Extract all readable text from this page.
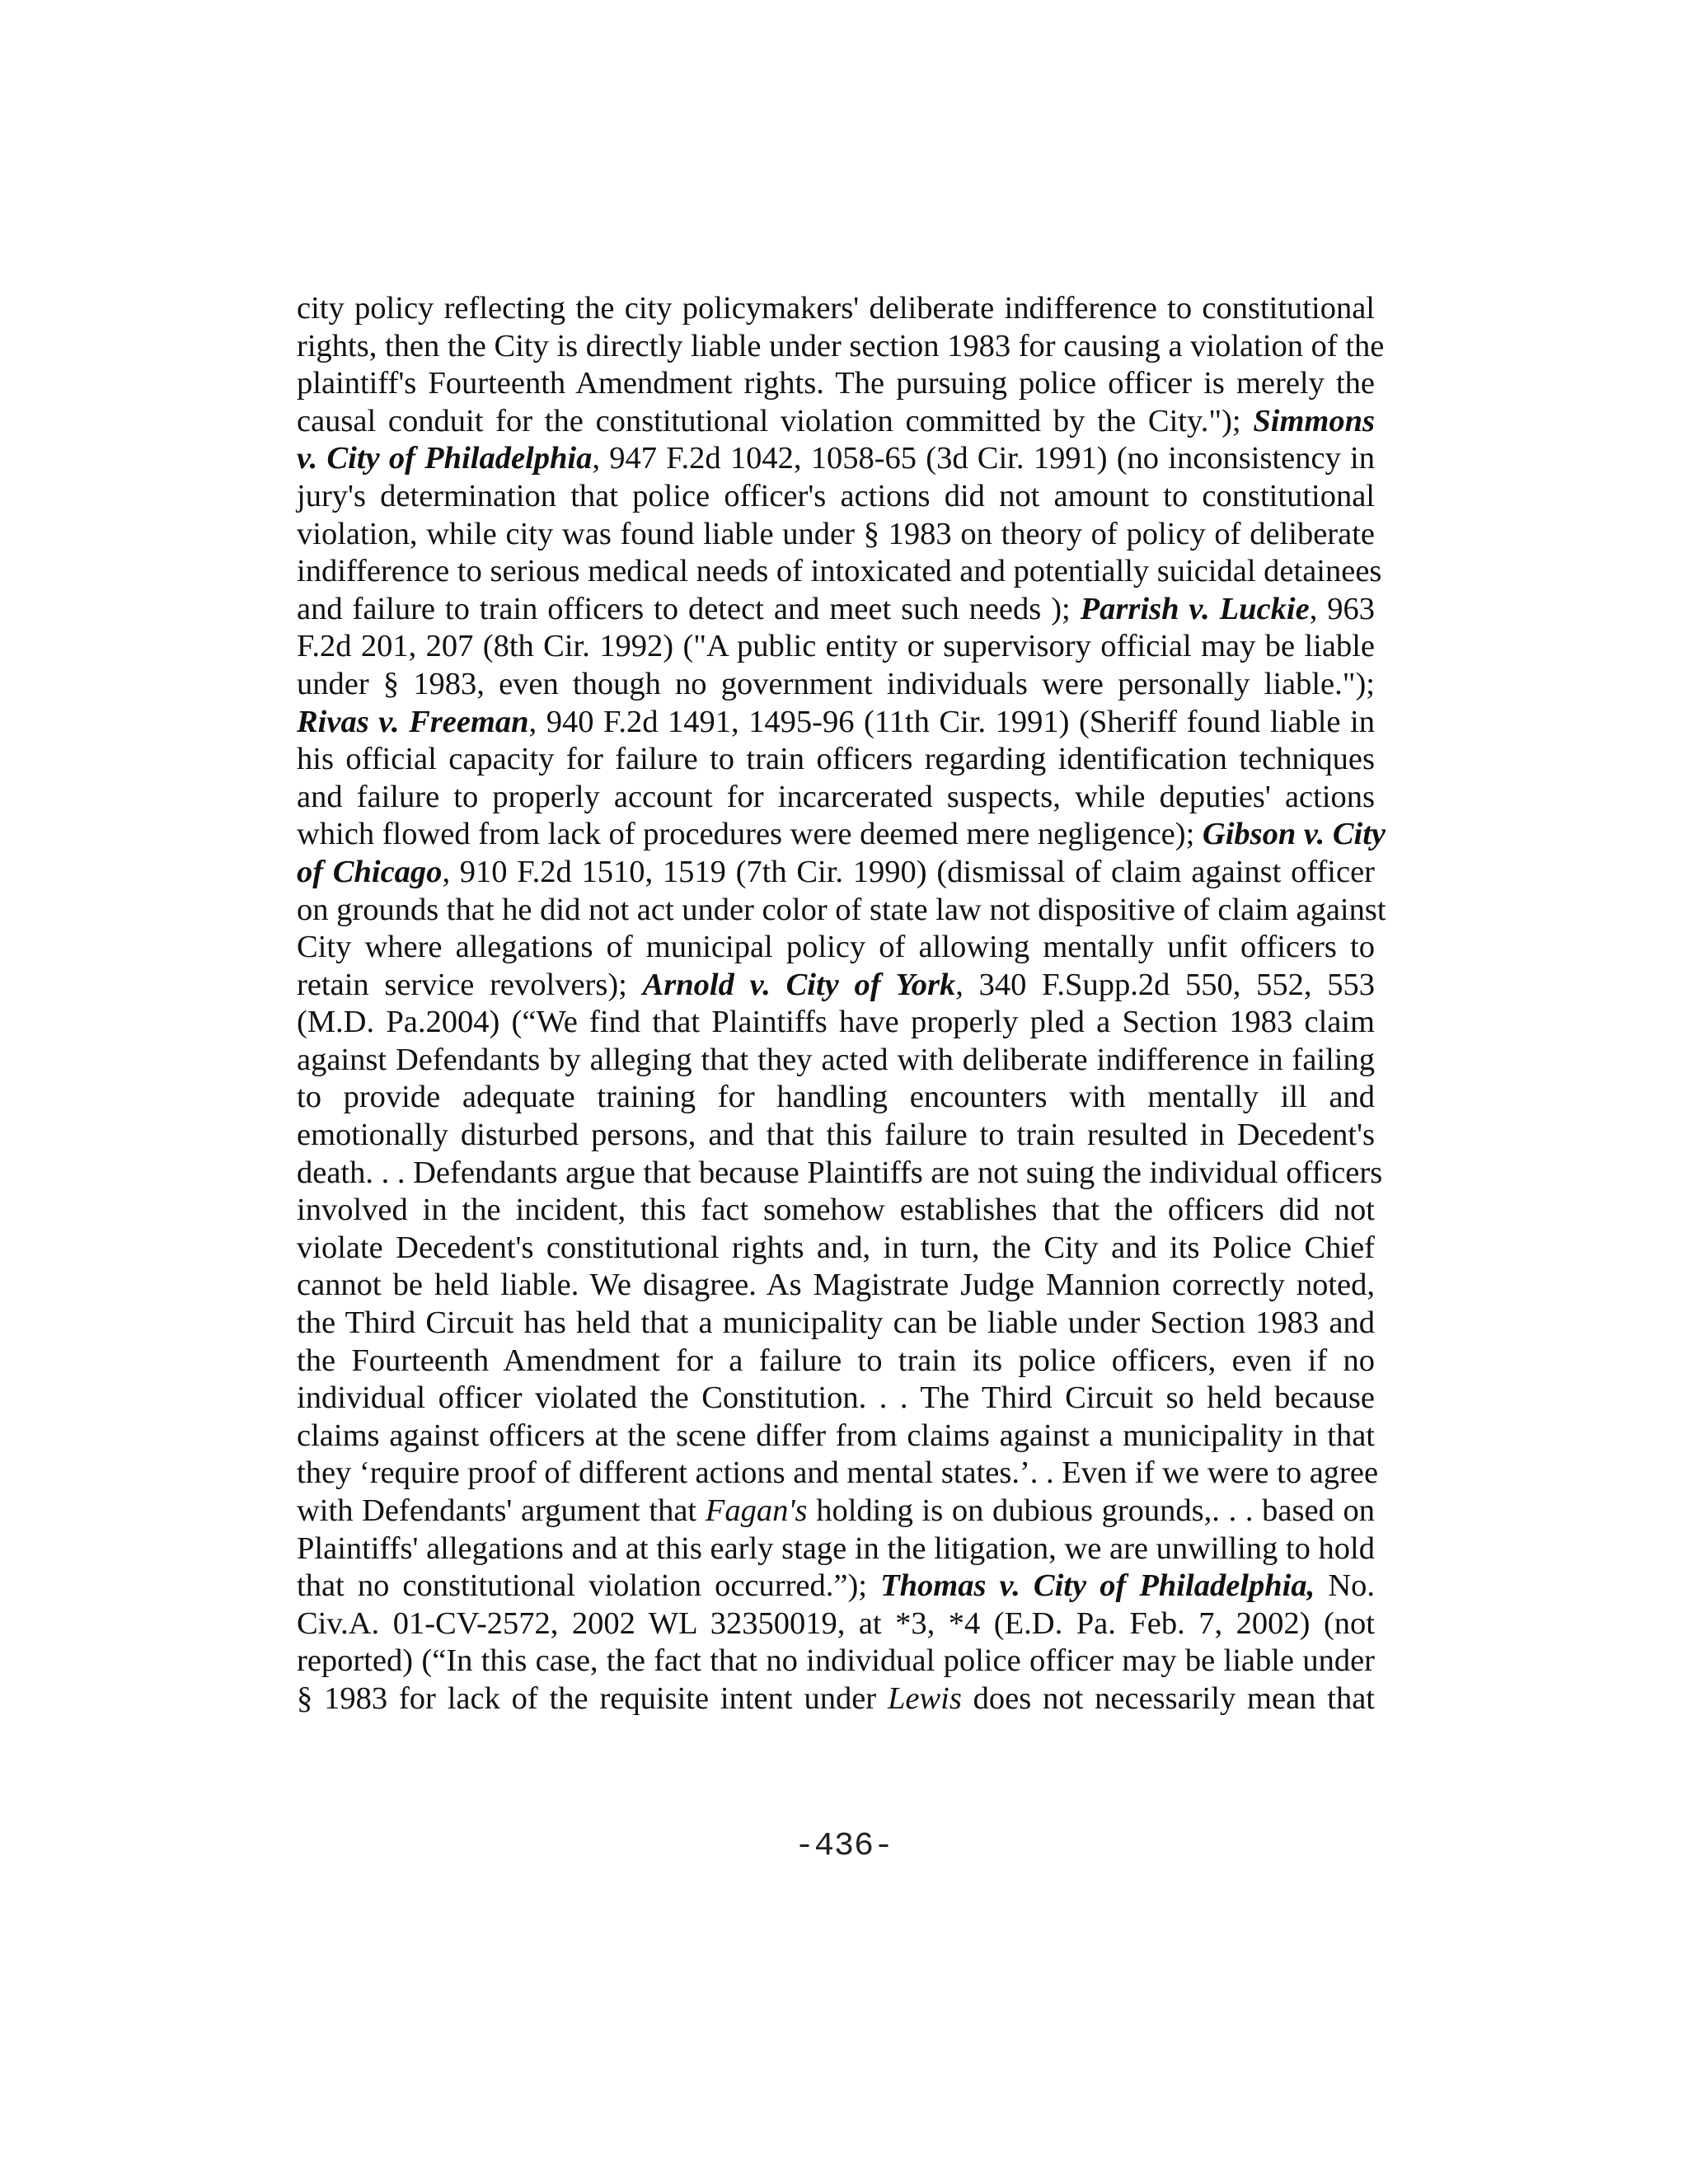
city policy reflecting the city policymakers' deliberate indifference to constitutional
rights, then the City is directly liable under section 1983 for causing a violation of the
plaintiff's Fourteenth Amendment rights. The pursuing police officer is merely the
causal conduit for the constitutional violation committed by the City."); Simmons
v. City of Philadelphia, 947 F.2d 1042, 1058-65 (3d Cir. 1991) (no inconsistency in
jury's determination that police officer's actions did not amount to constitutional
violation, while city was found liable under § 1983 on theory of policy of deliberate
indifference to serious medical needs of intoxicated and potentially suicidal detainees
and failure to train officers to detect and meet such needs ); Parrish v. Luckie, 963
F.2d 201, 207 (8th Cir. 1992) ("A public entity or supervisory official may be liable
under § 1983, even though no government individuals were personally liable.");
Rivas v. Freeman, 940 F.2d 1491, 1495-96 (11th Cir. 1991) (Sheriff found liable in
his official capacity for failure to train officers regarding identification techniques
and failure to properly account for incarcerated suspects, while deputies' actions
which flowed from lack of procedures were deemed mere negligence); Gibson v. City
of Chicago, 910 F.2d 1510, 1519 (7th Cir. 1990) (dismissal of claim against officer
on grounds that he did not act under color of state law not dispositive of claim against
City where allegations of municipal policy of allowing mentally unfit officers to
retain service revolvers); Arnold v. City of York, 340 F.Supp.2d 550, 552, 553
(M.D. Pa.2004) (“We find that Plaintiffs have properly pled a Section 1983 claim
against Defendants by alleging that they acted with deliberate indifference in failing
to provide adequate training for handling encounters with mentally ill and
emotionally disturbed persons, and that this failure to train resulted in Decedent's
death. . . Defendants argue that because Plaintiffs are not suing the individual officers
involved in the incident, this fact somehow establishes that the officers did not
violate Decedent's constitutional rights and, in turn, the City and its Police Chief
cannot be held liable. We disagree. As Magistrate Judge Mannion correctly noted,
the Third Circuit has held that a municipality can be liable under Section 1983 and
the Fourteenth Amendment for a failure to train its police officers, even if no
individual officer violated the Constitution. . . The Third Circuit so held because
claims against officers at the scene differ from claims against a municipality in that
they ‘require proof of different actions and mental states.’. . Even if we were to agree
with Defendants' argument that Fagan's holding is on dubious grounds,. . . based on
Plaintiffs' allegations and at this early stage in the litigation, we are unwilling to hold
that no constitutional violation occurred.”); Thomas v. City of Philadelphia, No.
Civ.A. 01-CV-2572, 2002 WL 32350019, at *3, *4 (E.D. Pa. Feb. 7, 2002) (not
reported) (“In this case, the fact that no individual police officer may be liable under
§ 1983 for lack of the requisite intent under Lewis does not necessarily mean that
-436-
